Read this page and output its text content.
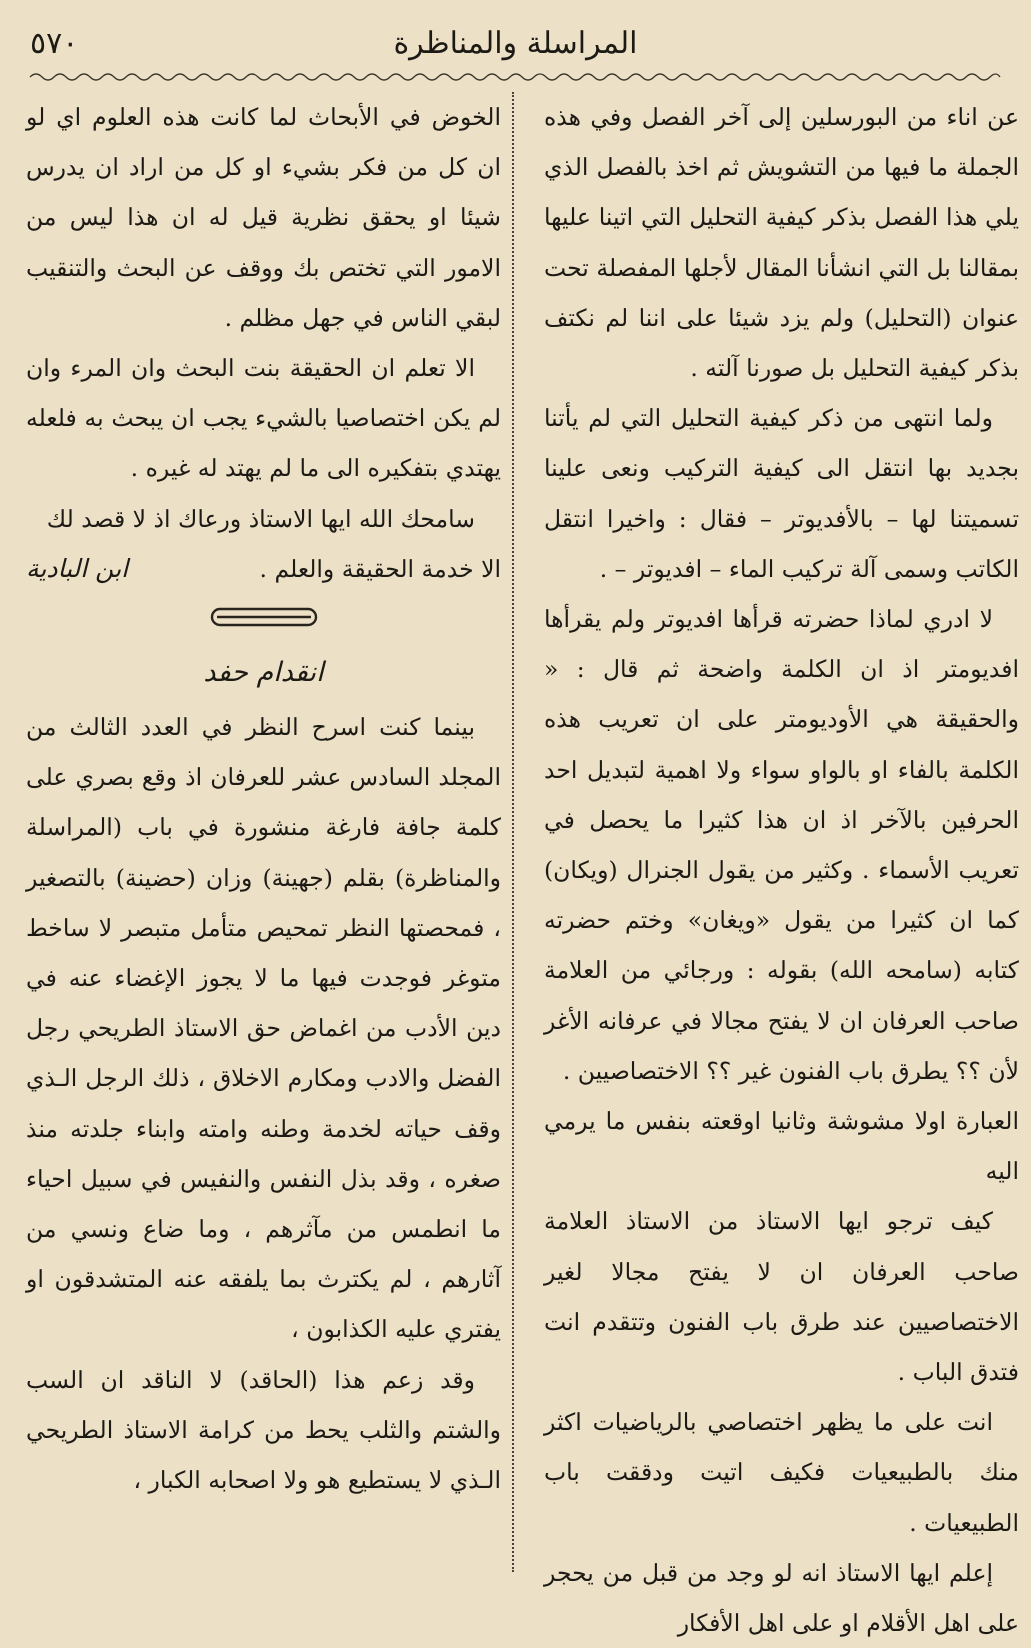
المراسلة والمناظرة
٥٧٠

عن اناء من البورسلين إلى آخر الفصل وفي هذه الجملة ما فيها من التشويش ثم اخذ بالفصل الذي يلي هذا الفصل بذكر كيفية التحليل التي اتينا عليها بمقالنا بل التي انشأنا المقال لأجلها المفصلة تحت عنوان (التحليل) ولم يزد شيئا على اننا لم نكتف بذكر كيفية التحليل بل صورنا آلته .

ولما انتهى من ذكر كيفية التحليل التي لم يأتنا بجديد بها انتقل الى كيفية التركيب ونعى علينا تسميتنا لها – بالأفديوتر – فقال : واخيرا انتقل الكاتب وسمى آلة تركيب الماء – افديوتر – .

لا ادري لماذا حضرته قرأها افديوتر ولم يقرأها افديومتر اذ ان الكلمة واضحة ثم قال : « والحقيقة هي الأوديومتر على ان تعريب هذه الكلمة بالفاء او بالواو سواء ولا اهمية لتبديل احد الحرفين بالآخر اذ ان هذا كثيرا ما يحصل في تعريب الأسماء . وكثير من يقول الجنرال (ويكان) كما ان كثيرا من يقول «ويغان» وختم حضرته كتابه (سامحه الله) بقوله : ورجائي من العلامة صاحب العرفان ان لا يفتح مجالا في عرفانه الأغر لأن ؟؟ يطرق باب الفنون غير ؟؟ الاختصاصيين .

العبارة اولا مشوشة وثانيا اوقعته بنفس ما يرمي اليه

كيف ترجو ايها الاستاذ من الاستاذ العلامة صاحب العرفان ان لا يفتح مجالا لغير الاختصاصيين عند طرق باب الفنون وتتقدم انت فتدق الباب .

انت على ما يظهر اختصاصي بالرياضيات اكثر منك بالطبيعيات فكيف اتيت ودققت باب الطبيعيات .

إعلم ايها الاستاذ انه لو وجد من قبل من يحجر على اهل الأقلام او على اهل الأفكار

الخوض في الأبحاث لما كانت هذه العلوم اي لو ان كل من فكر بشيء او كل من اراد ان يدرس شيئا او يحقق نظرية قيل له ان هذا ليس من الامور التي تختص بك ووقف عن البحث والتنقيب لبقي الناس في جهل مظلم .

الا تعلم ان الحقيقة بنت البحث وان المرء وان لم يكن اختصاصيا بالشيء يجب ان يبحث به فلعله يهتدي بتفكيره الى ما لم يهتد له غيره .

سامحك الله ايها الاستاذ ورعاك اذ لا قصد لك

الا خدمة الحقيقة والعلم .
ابن البادية
انقدام حفد

بينما كنت اسرح النظر في العدد الثالث من المجلد السادس عشر للعرفان اذ وقع بصري على كلمة جافة فارغة منشورة في باب (المراسلة والمناظرة) بقلم (جهينة) وزان (حضينة) بالتصغير ، فمحصتها النظر تمحيص متأمل متبصر لا ساخط متوغر فوجدت فيها ما لا يجوز الإغضاء عنه في دين الأدب من اغماض حق الاستاذ الطريحي رجل الفضل والادب ومكارم الاخلاق ، ذلك الرجل الـذي وقف حياته لخدمة وطنه وامته وابناء جلدته منذ صغره ، وقد بذل النفس والنفيس في سبيل احياء ما انطمس من مآثرهم ، وما ضاع ونسي من آثارهم ، لم يكترث بما يلفقه عنه المتشدقون او يفتري عليه الكذابون ،

وقد زعم هذا (الحاقد) لا الناقد ان السب والشتم والثلب يحط من كرامة الاستاذ الطريحي الـذي لا يستطيع هو ولا اصحابه الكبار ،
